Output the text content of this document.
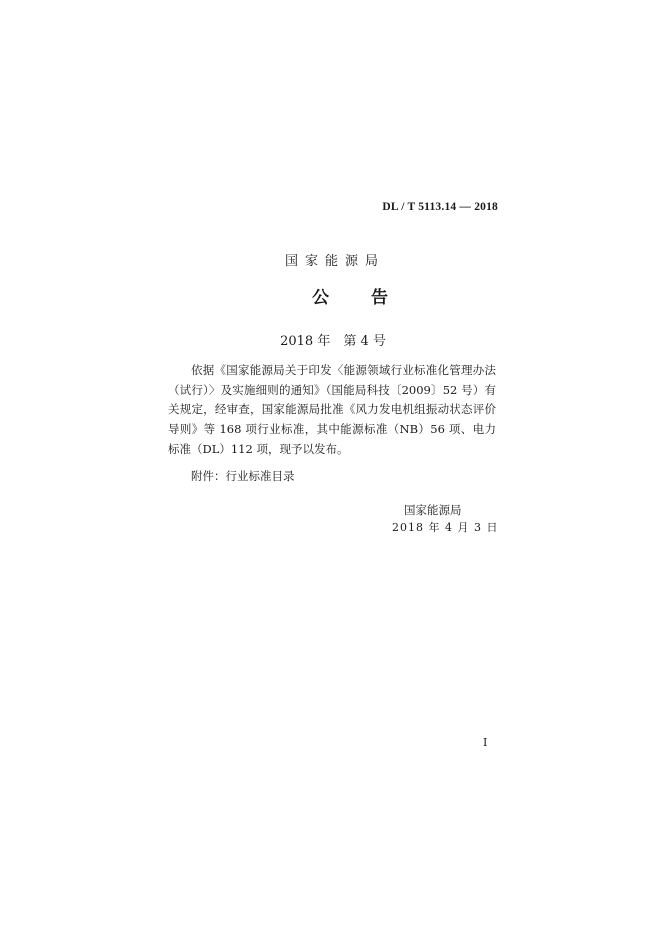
DL / T 5113.14 — 2018
国家能源局
公告
2018 年　第 4 号
依据《国家能源局关于印发〈能源领域行业标准化管理办法（试行）〉及实施细则的通知》（国能局科技〔2009〕52 号）有关规定，经审查，国家能源局批准《风力发电机组振动状态评价导则》等 168 项行业标准，其中能源标准（NB）56 项、电力标准（DL）112 项，现予以发布。
附件：行业标准目录
国家能源局
2018 年 4 月 3 日
I
